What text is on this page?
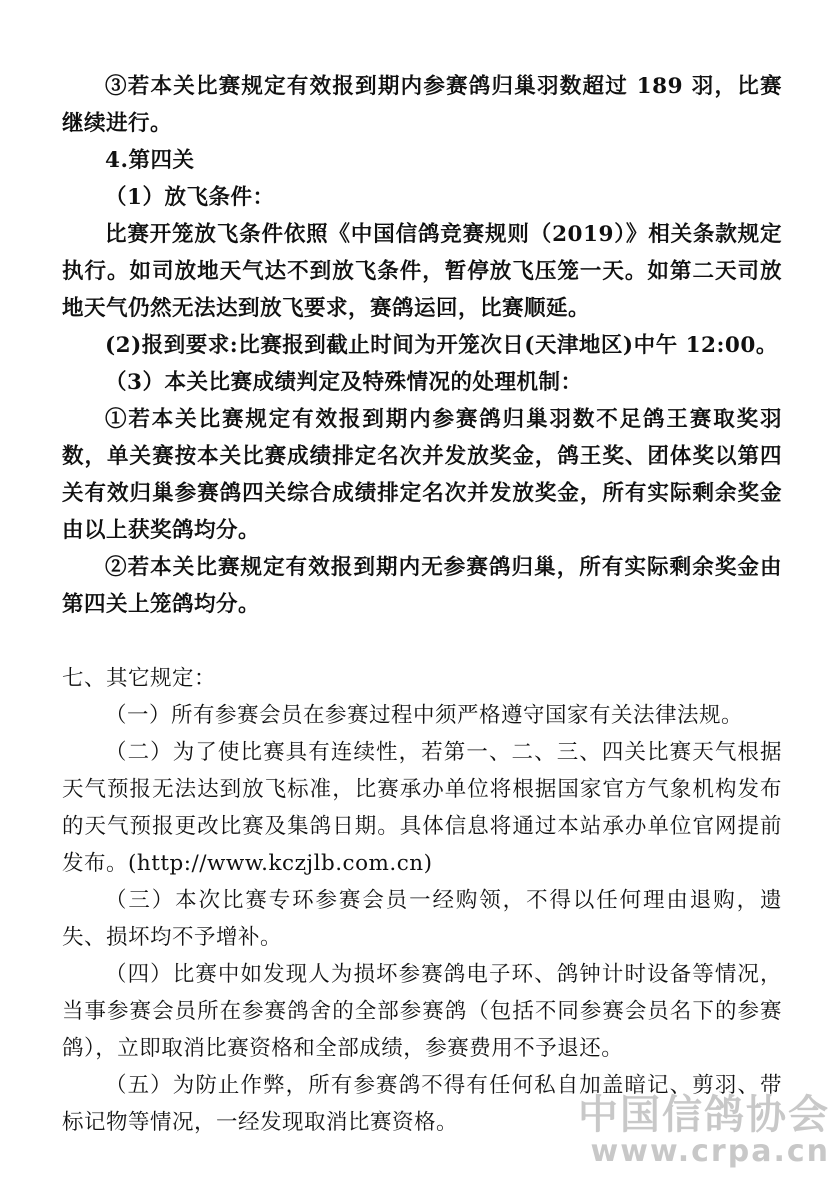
③若本关比赛规定有效报到期内参赛鸽归巢羽数超过 189 羽，比赛继续进行。

4.第四关

（1）放飞条件：

比赛开笼放飞条件依照《中国信鸽竞赛规则（2019）》相关条款规定执行。如司放地天气达不到放飞条件，暂停放飞压笼一天。如第二天司放地天气仍然无法达到放飞要求，赛鸽运回，比赛顺延。

(2)报到要求:比赛报到截止时间为开笼次日(天津地区)中午 12:00。

（3）本关比赛成绩判定及特殊情况的处理机制：

①若本关比赛规定有效报到期内参赛鸽归巢羽数不足鸽王赛取奖羽数，单关赛按本关比赛成绩排定名次并发放奖金，鸽王奖、团体奖以第四关有效归巢参赛鸽四关综合成绩排定名次并发放奖金，所有实际剩余奖金由以上获奖鸽均分。

②若本关比赛规定有效报到期内无参赛鸽归巢，所有实际剩余奖金由第四关上笼鸽均分。

七、其它规定：

（一）所有参赛会员在参赛过程中须严格遵守国家有关法律法规。

（二）为了使比赛具有连续性，若第一、二、三、四关比赛天气根据天气预报无法达到放飞标准，比赛承办单位将根据国家官方气象机构发布的天气预报更改比赛及集鸽日期。具体信息将通过本站承办单位官网提前发布。(http://www.kczjlb.com.cn)

（三）本次比赛专环参赛会员一经购领，不得以任何理由退购，遗失、损坏均不予增补。

（四）比赛中如发现人为损坏参赛鸽电子环、鸽钟计时设备等情况，当事参赛会员所在参赛鸽舍的全部参赛鸽（包括不同参赛会员名下的参赛鸽），立即取消比赛资格和全部成绩，参赛费用不予退还。

（五）为防止作弊，所有参赛鸽不得有任何私自加盖暗记、剪羽、带标记物等情况，一经发现取消比赛资格。	中国信鸽协会
www.crpa.cn
